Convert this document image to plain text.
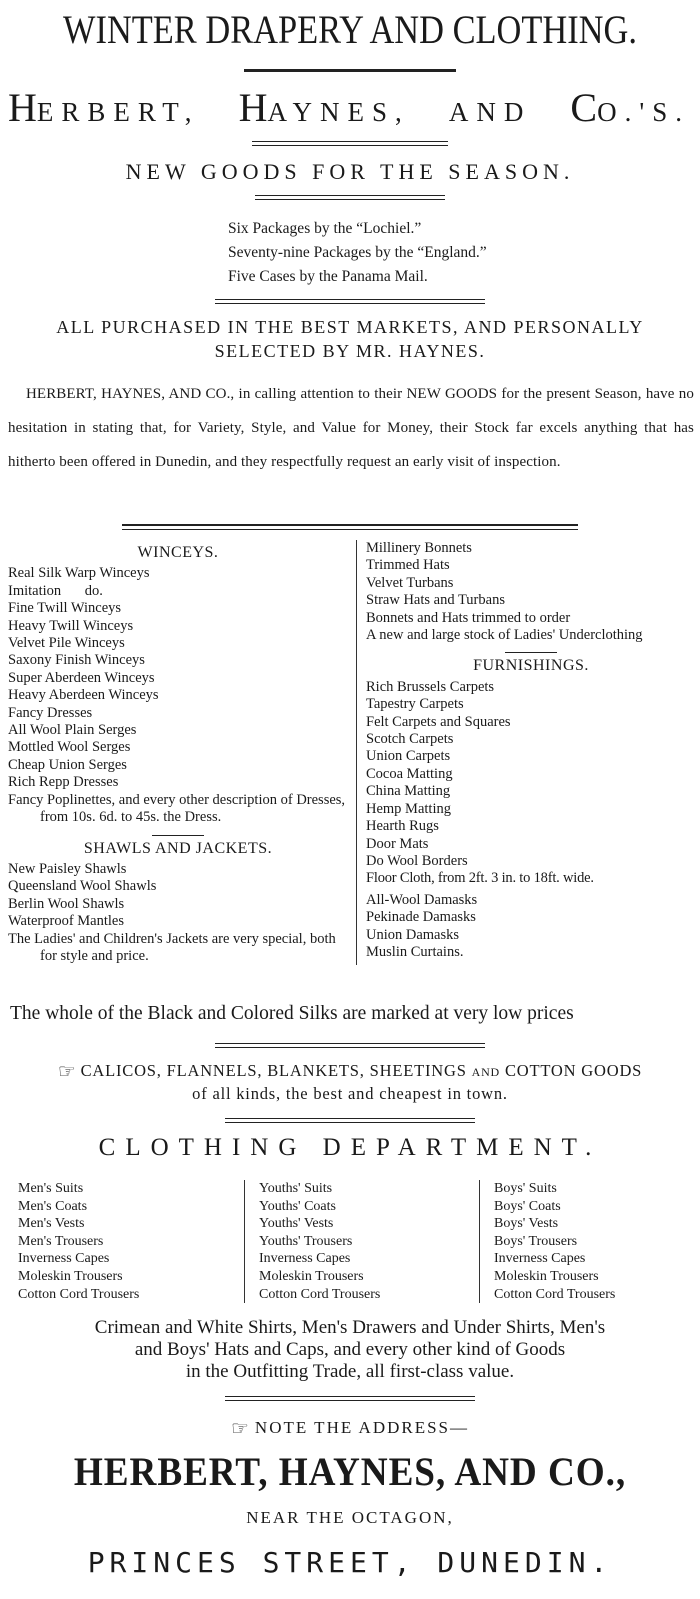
WINTER DRAPERY AND CLOTHING.
HERBERT, HAYNES, AND CO.'S.
NEW GOODS FOR THE SEASON.
Six Packages by the “Lochiel.”
Seventy-nine Packages by the “England.”
Five Cases by the Panama Mail.
ALL PURCHASED IN THE BEST MARKETS, AND PERSONALLY
SELECTED BY MR. HAYNES.
HERBERT, HAYNES, AND CO., in calling attention to their NEW GOODS for the present Season, have no hesitation in stating that, for Variety, Style, and Value for Money, their Stock far excels anything that has hitherto been offered in Dunedin, and they respectfully request an early visit of inspection.
WINCEYS.
Real Silk Warp Winceys
Imitation do.
Fine Twill Winceys
Heavy Twill Winceys
Velvet Pile Winceys
Saxony Finish Winceys
Super Aberdeen Winceys
Heavy Aberdeen Winceys
Fancy Dresses
All Wool Plain Serges
Mottled Wool Serges
Cheap Union Serges
Rich Repp Dresses
Fancy Poplinettes, and every other description of Dresses, from 10s. 6d. to 45s. the Dress.
SHAWLS AND JACKETS.
New Paisley Shawls
Queensland Wool Shawls
Berlin Wool Shawls
Waterproof Mantles
The Ladies' and Children's Jackets are very special, both for style and price.
Millinery Bonnets
Trimmed Hats
Velvet Turbans
Straw Hats and Turbans
Bonnets and Hats trimmed to order
A new and large stock of Ladies' Underclothing
FURNISHINGS.
Rich Brussels Carpets
Tapestry Carpets
Felt Carpets and Squares
Scotch Carpets
Union Carpets
Cocoa Matting
China Matting
Hemp Matting
Hearth Rugs
Door Mats
Do Wool Borders
Floor Cloth, from 2ft. 3 in. to 18ft. wide.
All-Wool Damasks
Pekinade Damasks
Union Damasks
Muslin Curtains.
The whole of the Black and Colored Silks are marked at very low prices
☞ CALICOS, FLANNELS, BLANKETS, SHEETINGS AND COTTON GOODS
of all kinds, the best and cheapest in town.
CLOTHING DEPARTMENT.
Men's Suits
Men's Coats
Men's Vests
Men's Trousers
Inverness Capes
Moleskin Trousers
Cotton Cord Trousers
Youths' Suits
Youths' Coats
Youths' Vests
Youths' Trousers
Inverness Capes
Moleskin Trousers
Cotton Cord Trousers
Boys' Suits
Boys' Coats
Boys' Vests
Boys' Trousers
Inverness Capes
Moleskin Trousers
Cotton Cord Trousers
Crimean and White Shirts, Men's Drawers and Under Shirts, Men's
and Boys' Hats and Caps, and every other kind of Goods
in the Outfitting Trade, all first-class value.
☞ NOTE THE ADDRESS—
HERBERT, HAYNES, AND CO.,
NEAR THE OCTAGON,
PRINCES STREET, DUNEDIN.
